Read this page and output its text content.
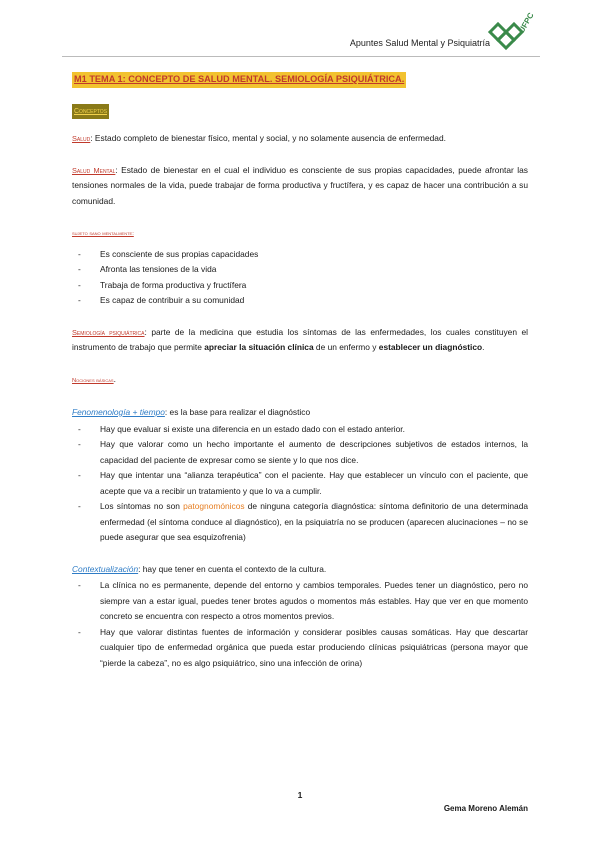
Apuntes Salud Mental y Psiquiatría
UFPC
M1 TEMA 1: CONCEPTO DE SALUD MENTAL. SEMIOLOGÍA PSIQUIÁTRICA.
Conceptos

Salud: Estado completo de bienestar físico, mental y social, y no solamente ausencia de enfermedad.

Salud Mental: Estado de bienestar en el cual el individuo es consciente de sus propias capacidades, puede afrontar las tensiones normales de la vida, puede trabajar de forma productiva y fructífera, y es capaz de hacer una contribución a su comunidad.

sujeto sano mentalmente:

- Es consciente de sus propias capacidades
- Afronta las tensiones de la vida
- Trabaja de forma productiva y fructífera
- Es capaz de contribuir a su comunidad

Semiología psiquiátrica: parte de la medicina que estudia los síntomas de las enfermedades, los cuales constituyen el instrumento de trabajo que permite apreciar la situación clínica de un enfermo y establecer un diagnóstico.

Nociones básicas.

Fenomenología + tiempo: es la base para realizar el diagnóstico

- Hay que evaluar si existe una diferencia en un estado dado con el estado anterior.
- Hay que valorar como un hecho importante el aumento de descripciones subjetivos de estados internos, la capacidad del paciente de expresar como se siente y lo que nos dice.
- Hay que intentar una “alianza terapéutica” con el paciente. Hay que establecer un vínculo con el paciente, que acepte que va a recibir un tratamiento y que lo va a cumplir.
- Los síntomas no son patognomónicos de ninguna categoría diagnóstica: síntoma definitorio de una determinada enfermedad (el síntoma conduce al diagnóstico), en la psiquiatría no se producen (aparecen alucinaciones – no se puede asegurar que sea esquizofrenia)

Contextualización: hay que tener en cuenta el contexto de la cultura.

- La clínica no es permanente, depende del entorno y cambios temporales. Puedes tener un diagnóstico, pero no siempre van a estar igual, puedes tener brotes agudos o momentos más estables. Hay que ver en que momento concreto se encuentra con respecto a otros momentos previos.
- Hay que valorar distintas fuentes de información y considerar posibles causas somáticas. Hay que descartar cualquier tipo de enfermedad orgánica que pueda estar produciendo clínicas psiquiátricas (persona mayor que “pierde la cabeza”, no es algo psiquiátrico, sino una infección de orina)
1
Gema Moreno Alemán
